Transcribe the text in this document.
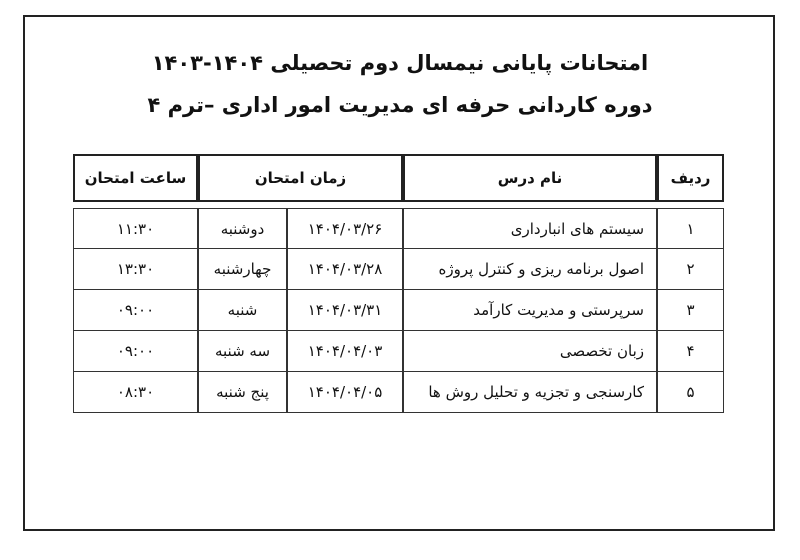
امتحانات پایانی نیمسال دوم تحصیلی ۱۴۰۴-۱۴۰۳
دوره کاردانی حرفه ای مدیریت امور اداری –ترم ۴
ردیف	نام درس	زمان امتحان		ساعت امتحان

۱	سیستم های انبارداری	۱۴۰۴/۰۳/۲۶	دوشنبه	۱۱:۳۰
۲	اصول برنامه ریزی و کنترل پروژه	۱۴۰۴/۰۳/۲۸	چهارشنبه	۱۳:۳۰
۳	سرپرستی و مدیریت کارآمد	۱۴۰۴/۰۳/۳۱	شنبه	۰۹:۰۰
۴	زبان تخصصی	۱۴۰۴/۰۴/۰۳	سه شنبه	۰۹:۰۰
۵	کارسنجی و تجزیه و تحلیل روش ها	۱۴۰۴/۰۴/۰۵	پنج شنبه	۰۸:۳۰
